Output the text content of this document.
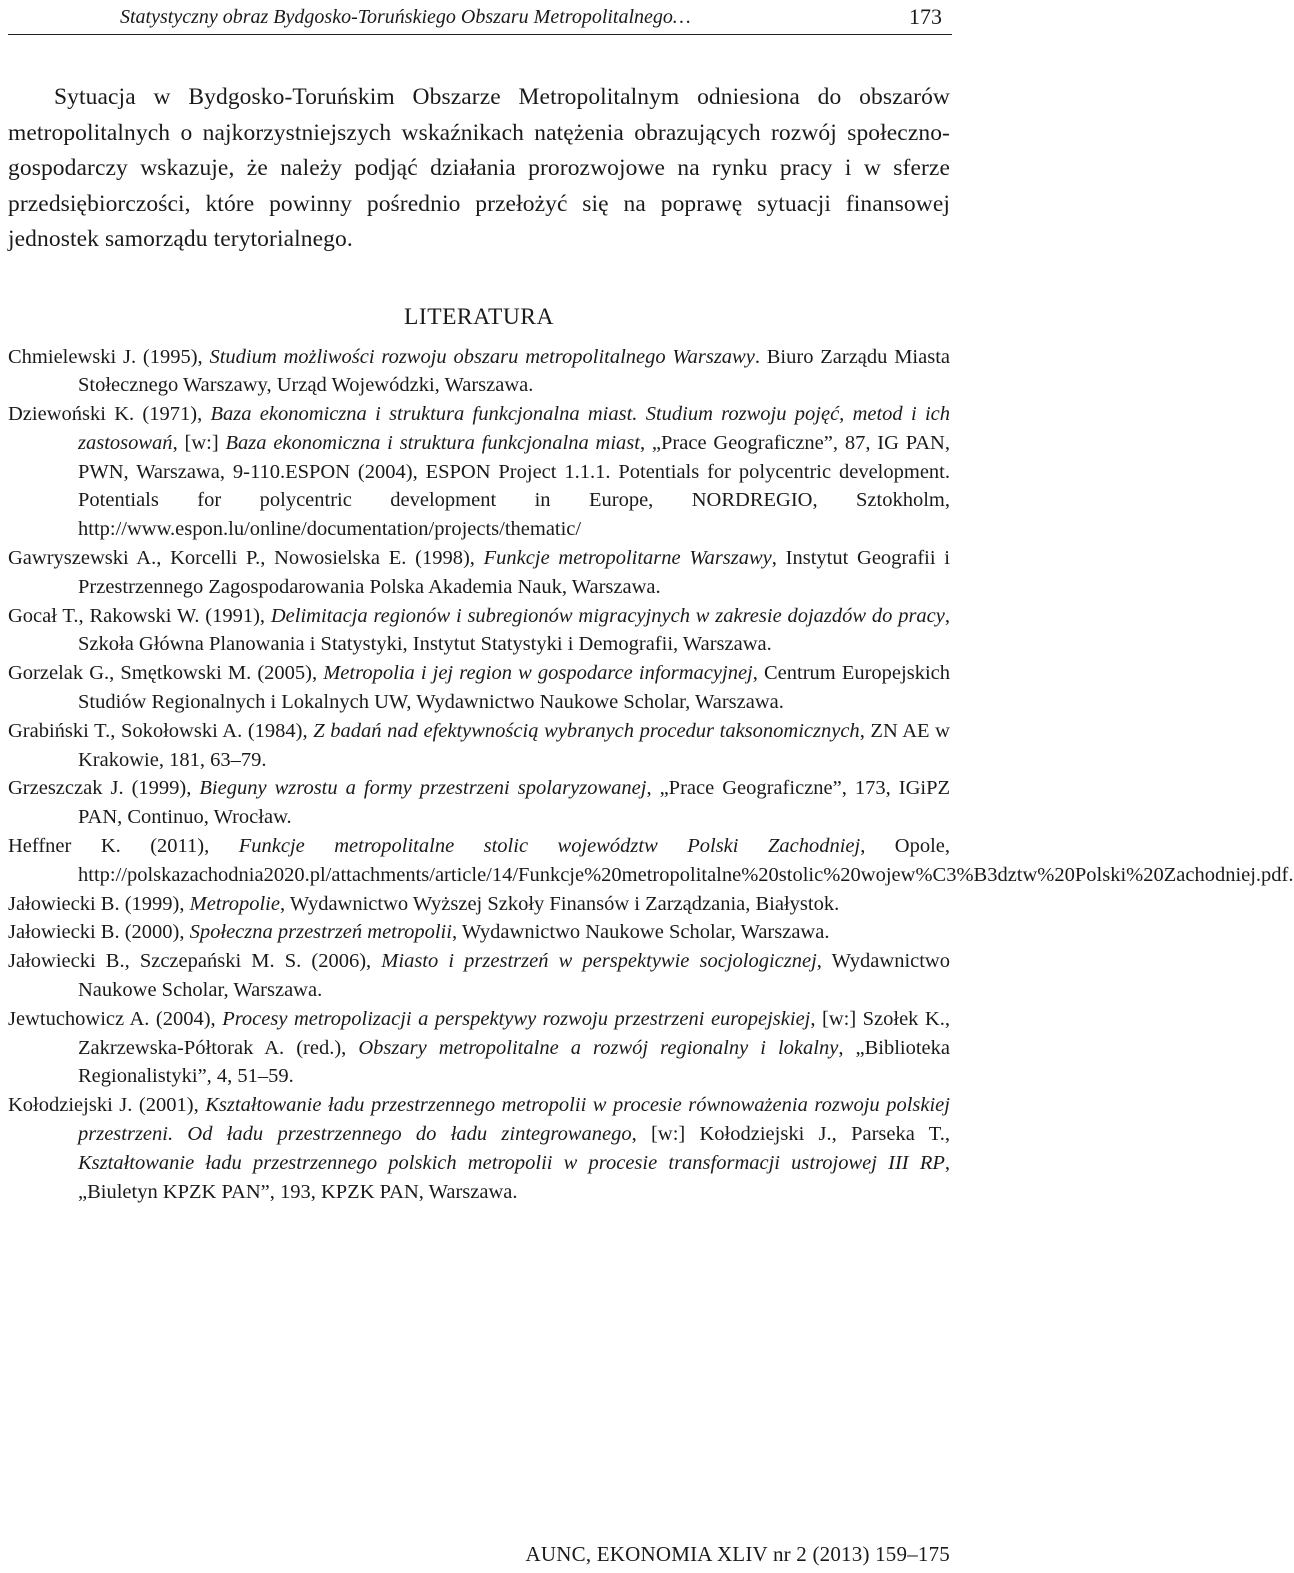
Statystyczny obraz Bydgosko-Toruńskiego Obszaru Metropolitalnego…	173

Sytuacja w Bydgosko-Toruńskim Obszarze Metropolitalnym odniesiona do obszarów metropolitalnych o najkorzystniejszych wskaźnikach natężenia obrazujących rozwój społeczno-gospodarczy wskazuje, że należy podjąć działania prorozwojowe na rynku pracy i w sferze przedsiębiorczości, które powinny pośrednio przełożyć się na poprawę sytuacji finansowej jednostek samorządu terytorialnego.

LITERATURA
Chmielewski J. (1995), Studium możliwości rozwoju obszaru metropolitalnego Warszawy. Biuro Zarządu Miasta Stołecznego Warszawy, Urząd Wojewódzki, Warszawa.
Dziewoński K. (1971), Baza ekonomiczna i struktura funkcjonalna miast. Studium rozwoju pojęć, metod i ich zastosowań, [w:] Baza ekonomiczna i struktura funkcjonalna miast, „Prace Geograficzne”, 87, IG PAN, PWN, Warszawa, 9-110.ESPON (2004), ESPON Project 1.1.1. Potentials for polycentric development. Potentials for polycentric development in Europe, NORDREGIO, Sztokholm, http://www.espon.lu/online/documentation/projects/thematic/
Gawryszewski A., Korcelli P., Nowosielska E. (1998), Funkcje metropolitarne Warszawy, Instytut Geografii i Przestrzennego Zagospodarowania Polska Akademia Nauk, Warszawa.
Gocał T., Rakowski W. (1991), Delimitacja regionów i subregionów migracyjnych w zakresie dojazdów do pracy, Szkoła Główna Planowania i Statystyki, Instytut Statystyki i Demografii, Warszawa.
Gorzelak G., Smętkowski M. (2005), Metropolia i jej region w gospodarce informacyjnej, Centrum Europejskich Studiów Regionalnych i Lokalnych UW, Wydawnictwo Naukowe Scholar, Warszawa.
Grabiński T., Sokołowski A. (1984), Z badań nad efektywnością wybranych procedur taksonomicznych, ZN AE w Krakowie, 181, 63–79.
Grzeszczak J. (1999), Bieguny wzrostu a formy przestrzeni spolaryzowanej, „Prace Geograficzne”, 173, IGiPZ PAN, Continuo, Wrocław.
Heffner K. (2011), Funkcje metropolitalne stolic województw Polski Zachodniej, Opole, http://polskazachodnia2020.pl/attachments/article/14/Funkcje%20metropolitalne%20stolic%20wojew%C3%B3dztw%20Polski%20Zachodniej.pdf.
Jałowiecki B. (1999), Metropolie, Wydawnictwo Wyższej Szkoły Finansów i Zarządzania, Białystok.
Jałowiecki B. (2000), Społeczna przestrzeń metropolii, Wydawnictwo Naukowe Scholar, Warszawa.
Jałowiecki B., Szczepański M. S. (2006), Miasto i przestrzeń w perspektywie socjologicznej, Wydawnictwo Naukowe Scholar, Warszawa.
Jewtuchowicz A. (2004), Procesy metropolizacji a perspektywy rozwoju przestrzeni europejskiej, [w:] Szołek K., Zakrzewska-Półtorak A. (red.), Obszary metropolitalne a rozwój regionalny i lokalny, „Biblioteka Regionalistyki”, 4, 51–59.
Kołodziejski J. (2001), Kształtowanie ładu przestrzennego metropolii w procesie równoważenia rozwoju polskiej przestrzeni. Od ładu przestrzennego do ładu zintegrowanego, [w:] Kołodziejski J., Parseka T., Kształtowanie ładu przestrzennego polskich metropolii w procesie transformacji ustrojowej III RP, „Biuletyn KPZK PAN”, 193, KPZK PAN, Warszawa.
AUNC, EKONOMIA XLIV nr 2 (2013) 159–175
